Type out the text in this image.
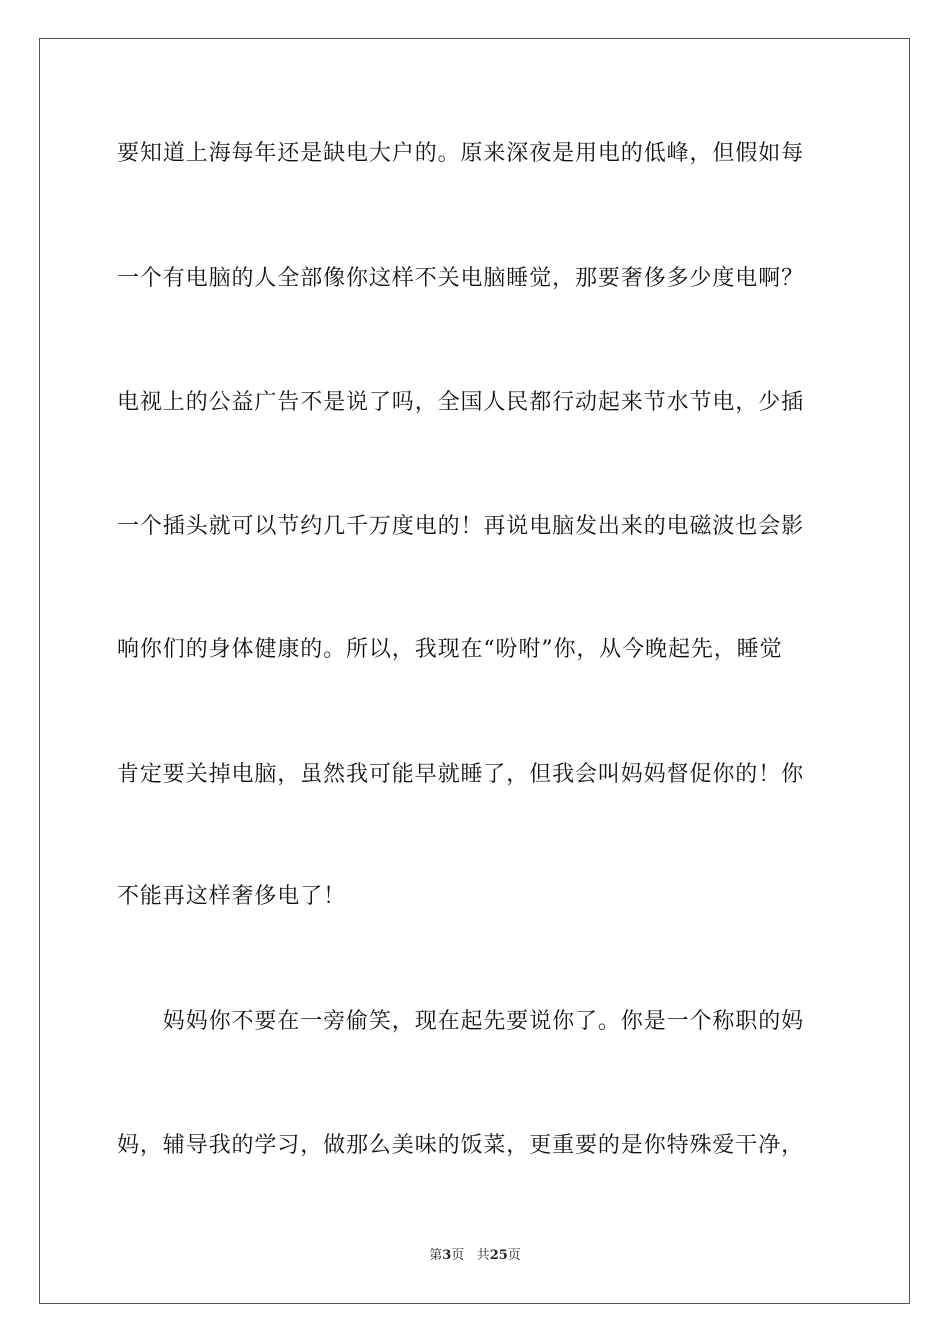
要知道上海每年还是缺电大户的。原来深夜是用电的低峰，但假如每
一个有电脑的人全部像你这样不关电脑睡觉，那要奢侈多少度电啊？
电视上的公益广告不是说了吗，全国人民都行动起来节水节电，少插
一个插头就可以节约几千万度电的！再说电脑发出来的电磁波也会影
响你们的身体健康的。所以，我现在“吩咐”你，从今晚起先，睡觉
肯定要关掉电脑，虽然我可能早就睡了，但我会叫妈妈督促你的！你
不能再这样奢侈电了！
　　妈妈你不要在一旁偷笑，现在起先要说你了。你是一个称职的妈
妈，辅导我的学习，做那么美味的饭菜，更重要的是你特殊爱干净，
第3页 共25页
